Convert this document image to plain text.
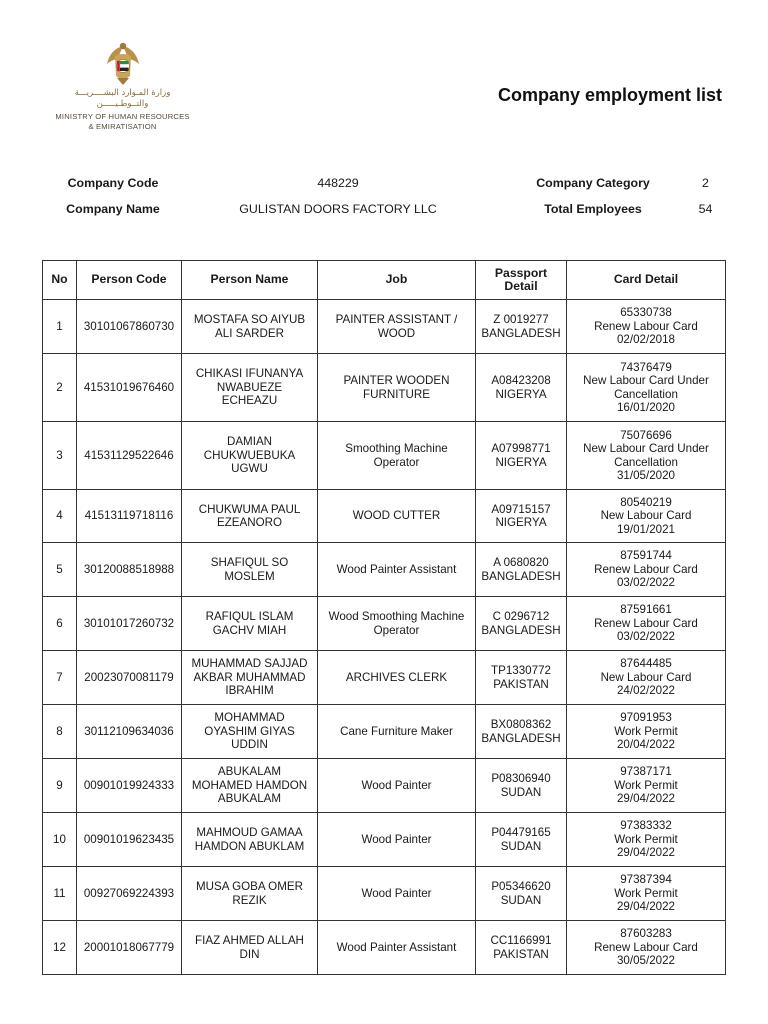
وزارة المـوارد البشــــريـــة
والتــوطـيـــــن
MINISTRY OF HUMAN RESOURCES
& EMIRATISATION
Company employment list
Company Code	448229	Company Category	2
Company Name	GULISTAN DOORS FACTORY LLC	Total Employees	54
No	Person Code	Person Name	Job	Passport Detail	Card Detail
1	30101067860730	MOSTAFA SO AIYUB
ALI SARDER	PAINTER ASSISTANT /
WOOD	Z 0019277
BANGLADESH	65330738
Renew Labour Card
02/02/2018

2	41531019676460	CHIKASI IFUNANYA
NWABUEZE
ECHEAZU	PAINTER WOODEN
FURNITURE	A08423208
NIGERYA	74376479
New Labour Card Under
Cancellation
16/01/2020

3	41531129522646	DAMIAN
CHUKWUEBUKA
UGWU	Smoothing Machine
Operator	A07998771
NIGERYA	75076696
New Labour Card Under
Cancellation
31/05/2020

4	41513119718116	CHUKWUMA PAUL
EZEANORO	WOOD CUTTER	A09715157
NIGERYA	80540219
New Labour Card
19/01/2021

5	30120088518988	SHAFIQUL SO
MOSLEM	Wood Painter Assistant	A 0680820
BANGLADESH	87591744
Renew Labour Card
03/02/2022

6	30101017260732	RAFIQUL ISLAM
GACHV MIAH	Wood Smoothing Machine
Operator	C 0296712
BANGLADESH	87591661
Renew Labour Card
03/02/2022

7	20023070081179	MUHAMMAD SAJJAD
AKBAR MUHAMMAD
IBRAHIM	ARCHIVES CLERK	TP1330772
PAKISTAN	87644485
New Labour Card
24/02/2022

8	30112109634036	MOHAMMAD
OYASHIM GIYAS
UDDIN	Cane Furniture Maker	BX0808362
BANGLADESH	97091953
Work Permit
20/04/2022

9	00901019924333	ABUKALAM
MOHAMED HAMDON
ABUKALAM	Wood Painter	P08306940
SUDAN	97387171
Work Permit
29/04/2022

10	00901019623435	MAHMOUD GAMAA
HAMDON ABUKLAM	Wood Painter	P04479165
SUDAN	97383332
Work Permit
29/04/2022

11	00927069224393	MUSA GOBA OMER
REZIK	Wood Painter	P05346620
SUDAN	97387394
Work Permit
29/04/2022

12	20001018067779	FIAZ AHMED ALLAH
DIN	Wood Painter Assistant	CC1166991
PAKISTAN	87603283
Renew Labour Card
30/05/2022
